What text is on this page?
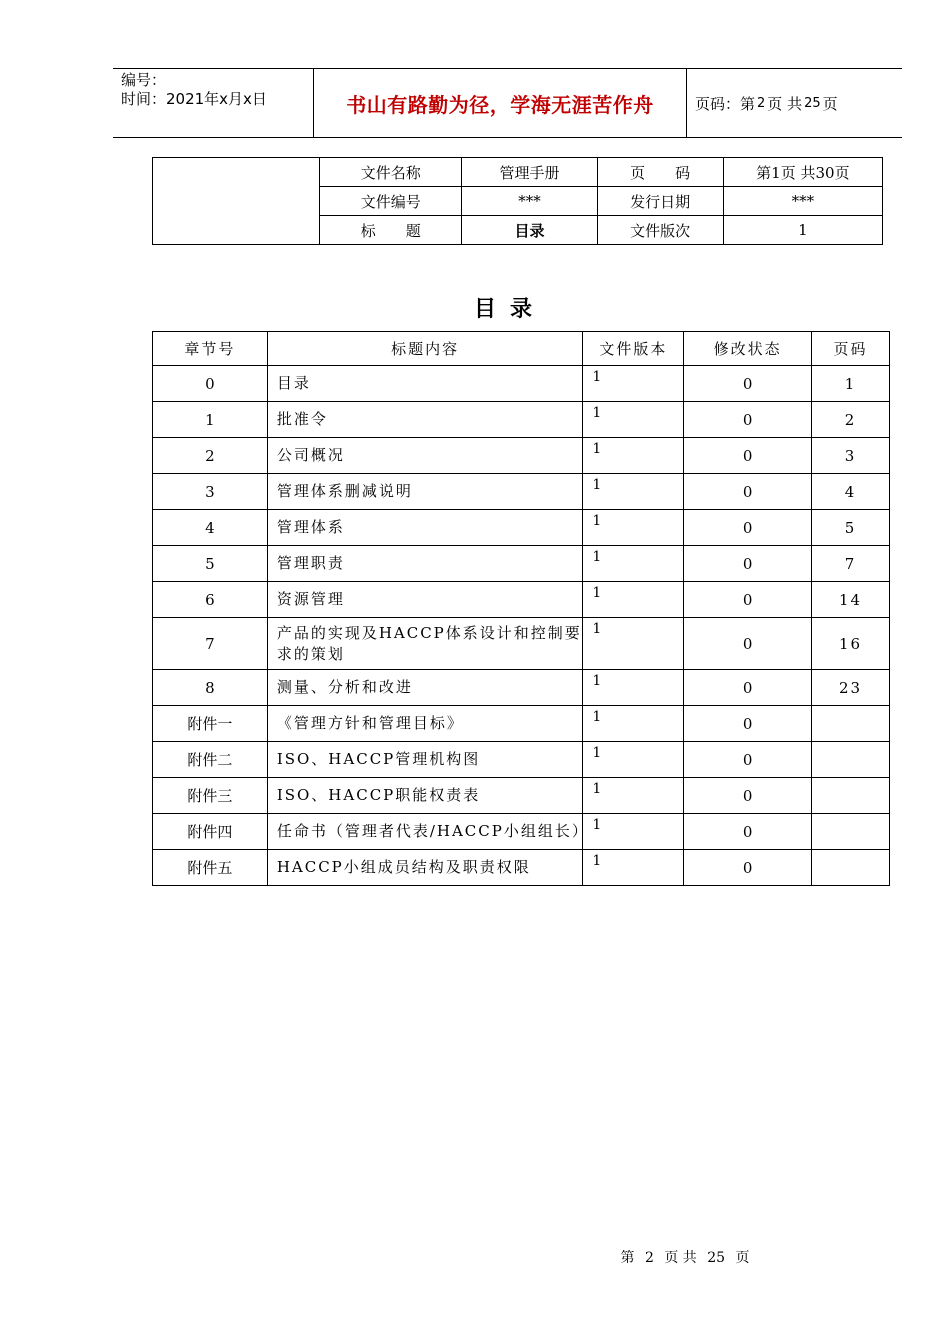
编号：
时间：2021年x月x日	书山有路勤为径，学海无涯苦作舟	页码：第 2 页 共 25 页
	文件名称	管理手册	页　　码	第1页 共30页
	文件编号	***	发行日期	***
	标　　题	目录	文件版次	1
目录
章节号	标题内容	文件版本	修改状态	页码
0	目录	1	0	1
1	批准令	1	0	2
2	公司概况	1	0	3
3	管理体系删减说明	1	0	4
4	管理体系	1	0	5
5	管理职责	1	0	7
6	资源管理	1	0	14
7	产品的实现及HACCP体系设计和控制要求的策划	1	0	16
8	测量、分析和改进	1	0	23
附件一	《管理方针和管理目标》	1	0	
附件二	ISO、HACCP管理机构图	1	0	
附件三	ISO、HACCP职能权责表	1	0	
附件四	任命书（管理者代表/HACCP小组组长）	1	0	
附件五	HACCP小组成员结构及职责权限	1	0	
第 2 页 共 25 页
